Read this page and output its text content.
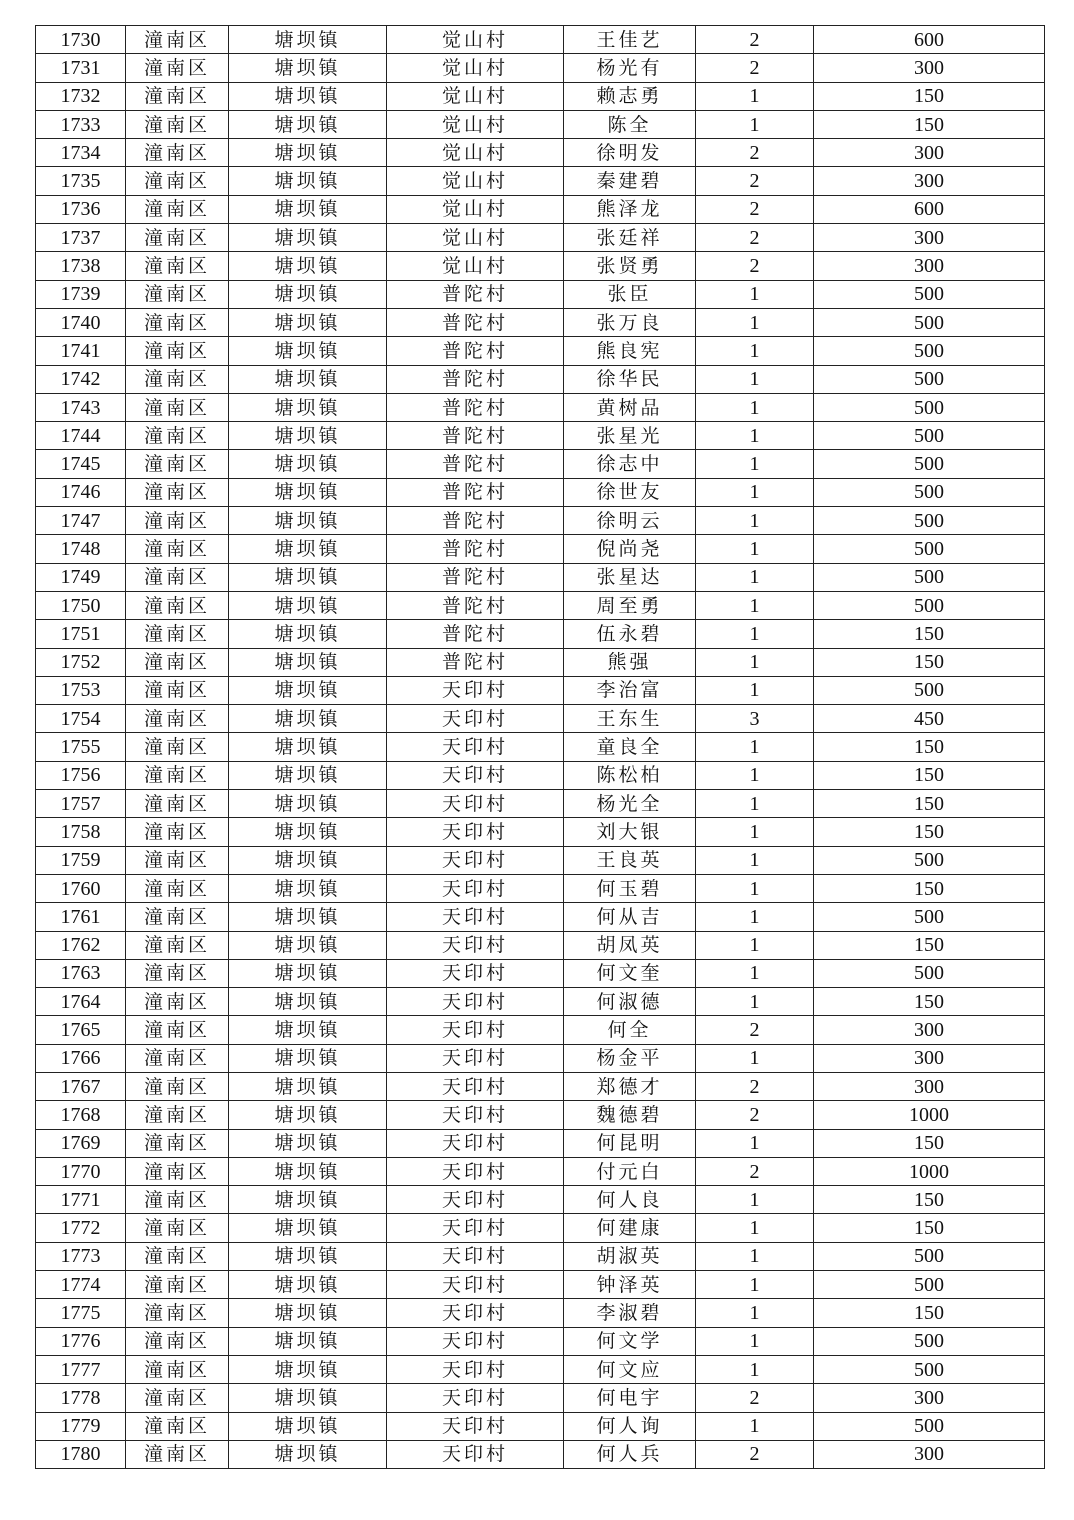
1730	潼南区	塘坝镇	觉山村	王佳艺	2	600
1731	潼南区	塘坝镇	觉山村	杨光有	2	300
1732	潼南区	塘坝镇	觉山村	赖志勇	1	150
1733	潼南区	塘坝镇	觉山村	陈全	1	150
1734	潼南区	塘坝镇	觉山村	徐明发	2	300
1735	潼南区	塘坝镇	觉山村	秦建碧	2	300
1736	潼南区	塘坝镇	觉山村	熊泽龙	2	600
1737	潼南区	塘坝镇	觉山村	张廷祥	2	300
1738	潼南区	塘坝镇	觉山村	张贤勇	2	300
1739	潼南区	塘坝镇	普陀村	张臣	1	500
1740	潼南区	塘坝镇	普陀村	张万良	1	500
1741	潼南区	塘坝镇	普陀村	熊良宪	1	500
1742	潼南区	塘坝镇	普陀村	徐华民	1	500
1743	潼南区	塘坝镇	普陀村	黄树品	1	500
1744	潼南区	塘坝镇	普陀村	张星光	1	500
1745	潼南区	塘坝镇	普陀村	徐志中	1	500
1746	潼南区	塘坝镇	普陀村	徐世友	1	500
1747	潼南区	塘坝镇	普陀村	徐明云	1	500
1748	潼南区	塘坝镇	普陀村	倪尚尧	1	500
1749	潼南区	塘坝镇	普陀村	张星达	1	500
1750	潼南区	塘坝镇	普陀村	周至勇	1	500
1751	潼南区	塘坝镇	普陀村	伍永碧	1	150
1752	潼南区	塘坝镇	普陀村	熊强	1	150
1753	潼南区	塘坝镇	天印村	李治富	1	500
1754	潼南区	塘坝镇	天印村	王东生	3	450
1755	潼南区	塘坝镇	天印村	童良全	1	150
1756	潼南区	塘坝镇	天印村	陈松柏	1	150
1757	潼南区	塘坝镇	天印村	杨光全	1	150
1758	潼南区	塘坝镇	天印村	刘大银	1	150
1759	潼南区	塘坝镇	天印村	王良英	1	500
1760	潼南区	塘坝镇	天印村	何玉碧	1	150
1761	潼南区	塘坝镇	天印村	何从吉	1	500
1762	潼南区	塘坝镇	天印村	胡凤英	1	150
1763	潼南区	塘坝镇	天印村	何文奎	1	500
1764	潼南区	塘坝镇	天印村	何淑德	1	150
1765	潼南区	塘坝镇	天印村	何全	2	300
1766	潼南区	塘坝镇	天印村	杨金平	1	300
1767	潼南区	塘坝镇	天印村	郑德才	2	300
1768	潼南区	塘坝镇	天印村	魏德碧	2	1000
1769	潼南区	塘坝镇	天印村	何昆明	1	150
1770	潼南区	塘坝镇	天印村	付元白	2	1000
1771	潼南区	塘坝镇	天印村	何人良	1	150
1772	潼南区	塘坝镇	天印村	何建康	1	150
1773	潼南区	塘坝镇	天印村	胡淑英	1	500
1774	潼南区	塘坝镇	天印村	钟泽英	1	500
1775	潼南区	塘坝镇	天印村	李淑碧	1	150
1776	潼南区	塘坝镇	天印村	何文学	1	500
1777	潼南区	塘坝镇	天印村	何文应	1	500
1778	潼南区	塘坝镇	天印村	何电宇	2	300
1779	潼南区	塘坝镇	天印村	何人询	1	500
1780	潼南区	塘坝镇	天印村	何人兵	2	300
